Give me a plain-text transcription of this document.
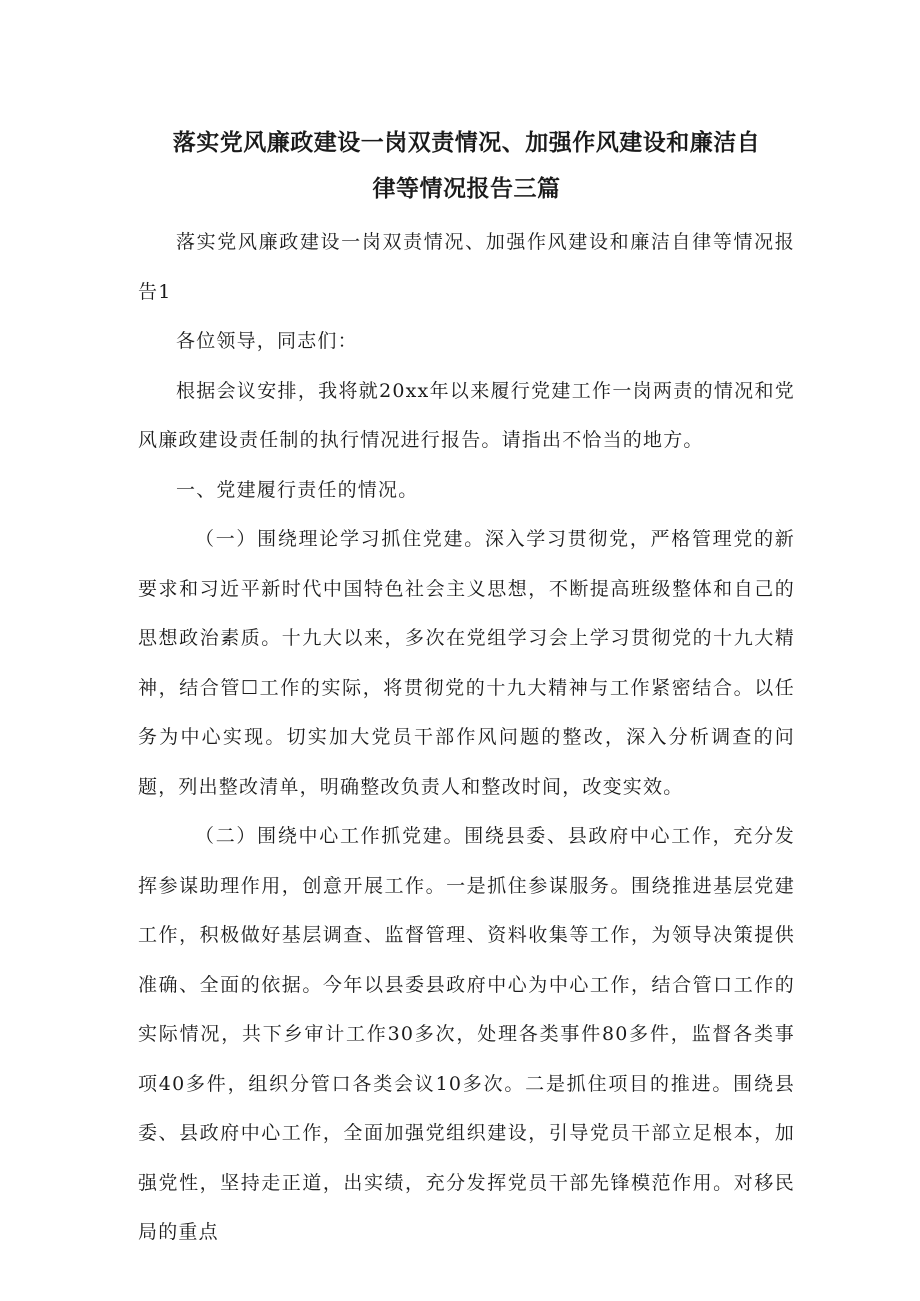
落实党风廉政建设一岗双责情况、加强作风建设和廉洁自
律等情况报告三篇

落实党风廉政建设一岗双责情况、加强作风建设和廉洁自律等情况报告1

各位领导，同志们：

根据会议安排，我将就20xx年以来履行党建工作一岗两责的情况和党风廉政建设责任制的执行情况进行报告。请指出不恰当的地方。

一、党建履行责任的情况。

（一）围绕理论学习抓住党建。深入学习贯彻党，严格管理党的新要求和习近平新时代中国特色社会主义思想，不断提高班级整体和自己的思想政治素质。十九大以来，多次在党组学习会上学习贯彻党的十九大精神，结合管☐工作的实际，将贯彻党的十九大精神与工作紧密结合。以任务为中心实现。切实加大党员干部作风问题的整改，深入分析调查的问题，列出整改清单，明确整改负责人和整改时间，改变实效。

（二）围绕中心工作抓党建。围绕县委、县政府中心工作，充分发挥参谋助理作用，创意开展工作。一是抓住参谋服务。围绕推进基层党建工作，积极做好基层调查、监督管理、资料收集等工作，为领导决策提供准确、全面的依据。今年以县委县政府中心为中心工作，结合管口工作的实际情况，共下乡审计工作30多次，处理各类事件80多件，监督各类事项40多件，组织分管口各类会议10多次。二是抓住项目的推进。围绕县委、县政府中心工作，全面加强党组织建设，引导党员干部立足根本，加强党性，坚持走正道，出实绩，充分发挥党员干部先锋模范作用。对移民局的重点
